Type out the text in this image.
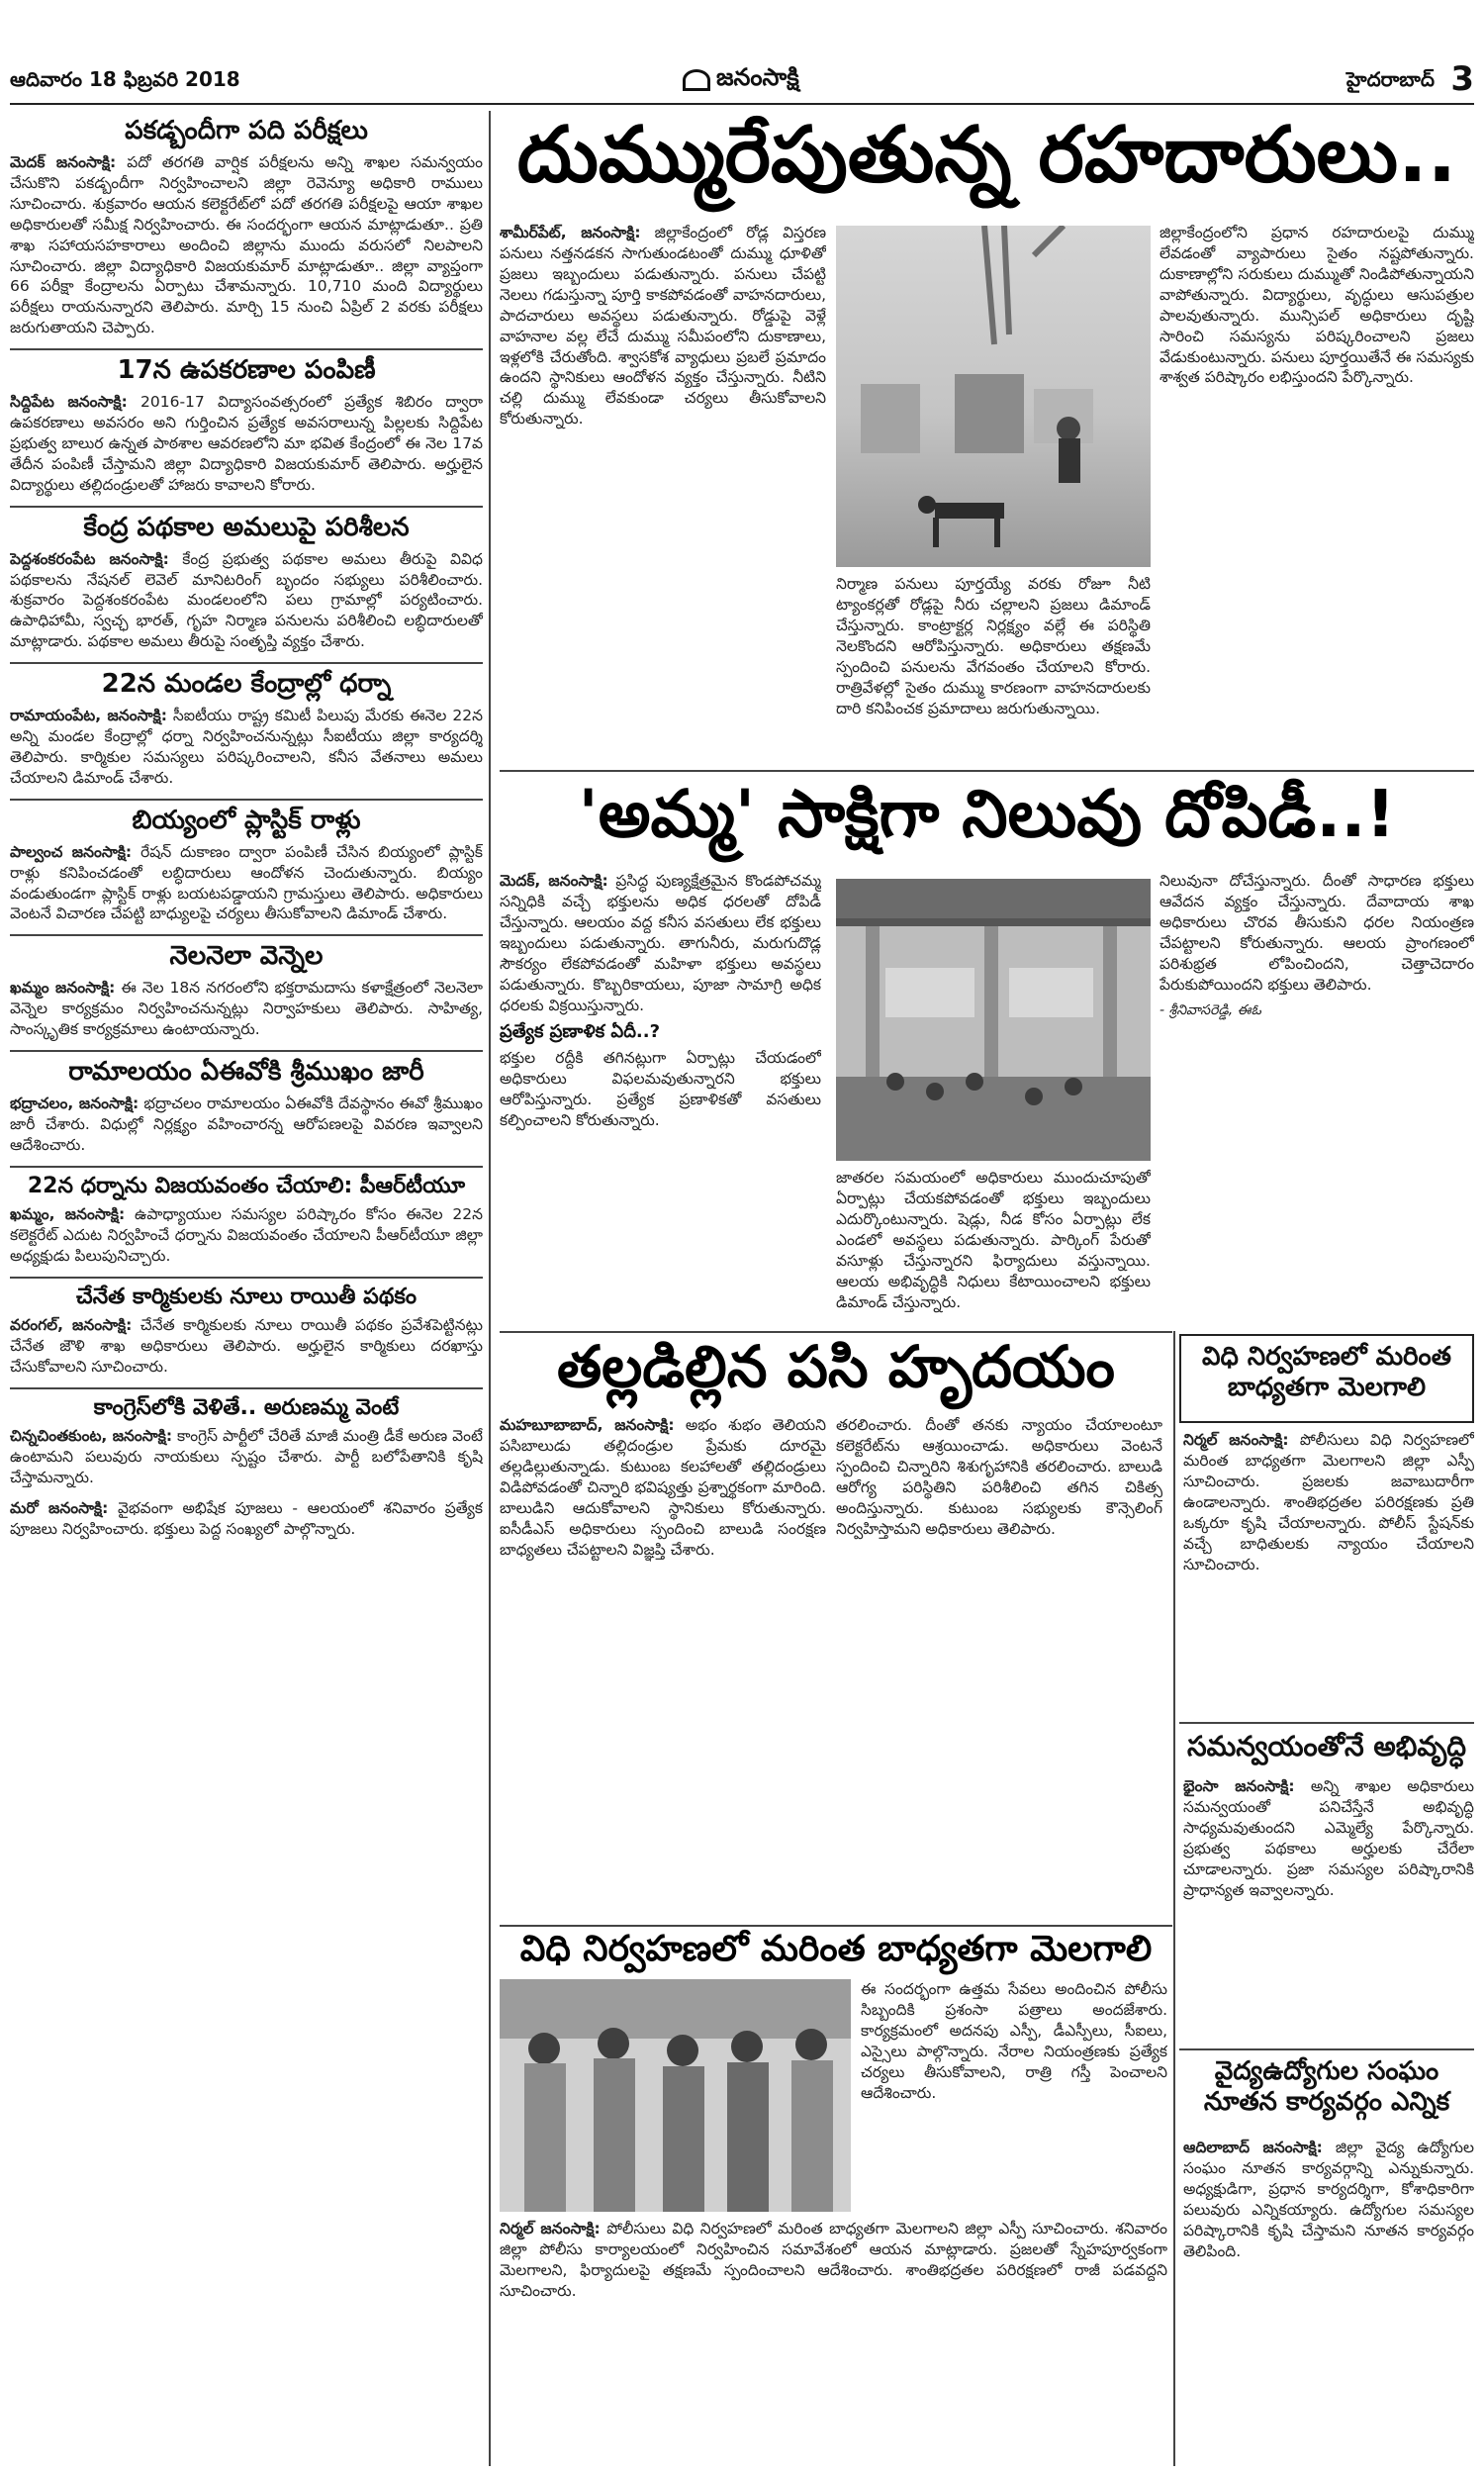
ఆదివారం 18 ఫిబ్రవరి 2018	జనంసాక్షి	హైదరాబాద్ 3
పకడ్బందీగా పది పరీక్షలు

మెదక్‌ జనంసాక్షి: పదో తరగతి వార్షిక పరీక్షలను అన్ని శాఖల సమన్వయం చేసుకొని పకడ్బందీగా నిర్వహించాలని జిల్లా రెవెన్యూ అధికారి రాములు సూచించారు. శుక్రవారం ఆయన కలెక్టరేట్‌లో పదో తరగతి పరీక్షలపై ఆయా శాఖల అధికారులతో సమీక్ష నిర్వహించారు. ఈ సందర్భంగా ఆయన మాట్లాడుతూ.. ప్రతి శాఖ సహాయసహకారాలు అందించి జిల్లాను ముందు వరుసలో నిలపాలని సూచించారు. జిల్లా విద్యాధికారి విజయకుమార్‌ మాట్లాడుతూ.. జిల్లా వ్యాప్తంగా 66 పరీక్షా కేంద్రాలను ఏర్పాటు చేశామన్నారు. 10,710 మంది విద్యార్థులు పరీక్షలు రాయనున్నారని తెలిపారు. మార్చి 15 నుంచి ఏప్రిల్‌ 2 వరకు పరీక్షలు జరుగుతాయని చెప్పారు.

17న ఉపకరణాల పంపిణీ

సిద్దిపేట జనంసాక్షి: 2016-17 విద్యాసంవత్సరంలో ప్రత్యేక శిబిరం ద్వారా ఉపకరణాలు అవసరం అని గుర్తించిన ప్రత్యేక అవసరాలున్న పిల్లలకు సిద్దిపేట ప్రభుత్వ బాలుర ఉన్నత పాఠశాల ఆవరణలోని మా భవిత కేంద్రంలో ఈ నెల 17వ తేదీన పంపిణీ చేస్తామని జిల్లా విద్యాధికారి విజయకుమార్‌ తెలిపారు. అర్హులైన విద్యార్థులు తల్లిదండ్రులతో హాజరు కావాలని కోరారు.

కేంద్ర పథకాల అమలుపై పరిశీలన

పెద్దశంకరంపేట జనంసాక్షి: కేంద్ర ప్రభుత్వ పథకాల అమలు తీరుపై వివిధ పథకాలను నేషనల్‌ లెవెల్‌ మానిటరింగ్‌ బృందం సభ్యులు పరిశీలించారు. శుక్రవారం పెద్దశంకరంపేట మండలంలోని పలు గ్రామాల్లో పర్యటించారు. ఉపాధిహామీ, స్వచ్ఛ భారత్‌, గృహ నిర్మాణ పనులను పరిశీలించి లబ్ధిదారులతో మాట్లాడారు. పథకాల అమలు తీరుపై సంతృప్తి వ్యక్తం చేశారు.

22న మండల కేంద్రాల్లో ధర్నా

రామాయంపేట, జనంసాక్షి: సీఐటీయు రాష్ట్ర కమిటీ పిలుపు మేరకు ఈనెల 22న అన్ని మండల కేంద్రాల్లో ధర్నా నిర్వహించనున్నట్లు సీఐటీయు జిల్లా కార్యదర్శి తెలిపారు. కార్మికుల సమస్యలు పరిష్కరించాలని, కనీస వేతనాలు అమలు చేయాలని డిమాండ్‌ చేశారు.

బియ్యంలో ప్లాస్టిక్‌ రాళ్లు

పాల్వంచ జనంసాక్షి: రేషన్‌ దుకాణం ద్వారా పంపిణీ చేసిన బియ్యంలో ప్లాస్టిక్‌ రాళ్లు కనిపించడంతో లబ్ధిదారులు ఆందోళన చెందుతున్నారు. బియ్యం వండుతుండగా ప్లాస్టిక్‌ రాళ్లు బయటపడ్డాయని గ్రామస్తులు తెలిపారు. అధికారులు వెంటనే విచారణ చేపట్టి బాధ్యులపై చర్యలు తీసుకోవాలని డిమాండ్‌ చేశారు.

నెలనెలా వెన్నెల

ఖమ్మం జనంసాక్షి: ఈ నెల 18న నగరంలోని భక్తరామదాసు కళాక్షేత్రంలో నెలనెలా వెన్నెల కార్యక్రమం నిర్వహించనున్నట్లు నిర్వాహకులు తెలిపారు. సాహిత్య, సాంస్కృతిక కార్యక్రమాలు ఉంటాయన్నారు.

రామాలయం ఏఈవోకి శ్రీముఖం జారీ

భద్రాచలం, జనంసాక్షి: భద్రాచలం రామాలయం ఏఈవోకి దేవస్థానం ఈవో శ్రీముఖం జారీ చేశారు. విధుల్లో నిర్లక్ష్యం వహించారన్న ఆరోపణలపై వివరణ ఇవ్వాలని ఆదేశించారు.

22న ధర్నాను విజయవంతం చేయాలి: పీఆర్‌టీయూ

ఖమ్మం, జనంసాక్షి: ఉపాధ్యాయుల సమస్యల పరిష్కారం కోసం ఈనెల 22న కలెక్టరేట్‌ ఎదుట నిర్వహించే ధర్నాను విజయవంతం చేయాలని పీఆర్‌టీయూ జిల్లా అధ్యక్షుడు పిలుపునిచ్చారు.

చేనేత కార్మికులకు నూలు రాయితీ పథకం

వరంగల్‌, జనంసాక్షి: చేనేత కార్మికులకు నూలు రాయితీ పథకం ప్రవేశపెట్టినట్లు చేనేత జౌళి శాఖ అధికారులు తెలిపారు. అర్హులైన కార్మికులు దరఖాస్తు చేసుకోవాలని సూచించారు.

కాంగ్రెస్‌లోకి వెళితే.. అరుణమ్మ వెంటే

చిన్నచింతకుంట, జనంసాక్షి: కాంగ్రెస్‌ పార్టీలో చేరితే మాజీ మంత్రి డీకే అరుణ వెంటే ఉంటామని పలువురు నాయకులు స్పష్టం చేశారు. పార్టీ బలోపేతానికి కృషి చేస్తామన్నారు.

మరో జనంసాక్షి: వైభవంగా అభిషేక పూజలు - ఆలయంలో శనివారం ప్రత్యేక పూజలు నిర్వహించారు. భక్తులు పెద్ద సంఖ్యలో పాల్గొన్నారు.

దుమ్మురేపుతున్న రహదారులు..

శామీర్‌పేట్‌, జనంసాక్షి: జిల్లాకేంద్రంలో రోడ్ల విస్తరణ పనులు నత్తనడకన సాగుతుండటంతో దుమ్ము ధూళితో ప్రజలు ఇబ్బందులు పడుతున్నారు. పనులు చేపట్టి నెలలు గడుస్తున్నా పూర్తి కాకపోవడంతో వాహనదారులు, పాదచారులు అవస్థలు పడుతున్నారు. రోడ్డుపై వెళ్లే వాహనాల వల్ల లేచే దుమ్ము సమీపంలోని దుకాణాలు, ఇళ్లలోకి చేరుతోంది. శ్వాసకోశ వ్యాధులు ప్రబలే ప్రమాదం ఉందని స్థానికులు ఆందోళన వ్యక్తం చేస్తున్నారు. నీటిని చల్లి దుమ్ము లేవకుండా చర్యలు తీసుకోవాలని కోరుతున్నారు.

నిర్మాణ పనులు పూర్తయ్యే వరకు రోజూ నీటి ట్యాంకర్లతో రోడ్లపై నీరు చల్లాలని ప్రజలు డిమాండ్‌ చేస్తున్నారు. కాంట్రాక్టర్ల నిర్లక్ష్యం వల్లే ఈ పరిస్థితి నెలకొందని ఆరోపిస్తున్నారు. అధికారులు తక్షణమే స్పందించి పనులను వేగవంతం చేయాలని కోరారు. రాత్రివేళల్లో సైతం దుమ్ము కారణంగా వాహనదారులకు దారి కనిపించక ప్రమాదాలు జరుగుతున్నాయి.

జిల్లాకేంద్రంలోని ప్రధాన రహదారులపై దుమ్ము లేవడంతో వ్యాపారులు సైతం నష్టపోతున్నారు. దుకాణాల్లోని సరుకులు దుమ్ముతో నిండిపోతున్నాయని వాపోతున్నారు. విద్యార్థులు, వృద్ధులు ఆసుపత్రుల పాలవుతున్నారు. మున్సిపల్‌ అధికారులు దృష్టి సారించి సమస్యను పరిష్కరించాలని ప్రజలు వేడుకుంటున్నారు. పనులు పూర్తయితేనే ఈ సమస్యకు శాశ్వత పరిష్కారం లభిస్తుందని పేర్కొన్నారు.

'అమ్మ' సాక్షిగా నిలువు దోపిడీ..!

మెదక్‌, జనంసాక్షి: ప్రసిద్ధ పుణ్యక్షేత్రమైన కొండపోచమ్మ సన్నిధికి వచ్చే భక్తులను అధిక ధరలతో దోపిడీ చేస్తున్నారు. ఆలయం వద్ద కనీస వసతులు లేక భక్తులు ఇబ్బందులు పడుతున్నారు. తాగునీరు, మరుగుదొడ్ల సౌకర్యం లేకపోవడంతో మహిళా భక్తులు అవస్థలు పడుతున్నారు. కొబ్బరికాయలు, పూజా సామాగ్రి అధిక ధరలకు విక్రయిస్తున్నారు.

ప్రత్యేక ప్రణాళిక ఏదీ..?

భక్తుల రద్దీకి తగినట్లుగా ఏర్పాట్లు చేయడంలో అధికారులు విఫలమవుతున్నారని భక్తులు ఆరోపిస్తున్నారు. ప్రత్యేక ప్రణాళికతో వసతులు కల్పించాలని కోరుతున్నారు.

జాతరల సమయంలో అధికారులు ముందుచూపుతో ఏర్పాట్లు చేయకపోవడంతో భక్తులు ఇబ్బందులు ఎదుర్కొంటున్నారు. షెడ్లు, నీడ కోసం ఏర్పాట్లు లేక ఎండలో అవస్థలు పడుతున్నారు. పార్కింగ్‌ పేరుతో వసూళ్లు చేస్తున్నారని ఫిర్యాదులు వస్తున్నాయి. ఆలయ అభివృద్ధికి నిధులు కేటాయించాలని భక్తులు డిమాండ్‌ చేస్తున్నారు.

నిలువునా దోచేస్తున్నారు. దీంతో సాధారణ భక్తులు ఆవేదన వ్యక్తం చేస్తున్నారు. దేవాదాయ శాఖ అధికారులు చొరవ తీసుకుని ధరల నియంత్రణ చేపట్టాలని కోరుతున్నారు. ఆలయ ప్రాంగణంలో పరిశుభ్రత లోపించిందని, చెత్తాచెదారం పేరుకుపోయిందని భక్తులు తెలిపారు.

- శ్రీనివాసరెడ్డి, ఈఓ

తల్లడిల్లిన పసి హృదయం

మహబూబాబాద్‌, జనంసాక్షి: అభం శుభం తెలియని పసిబాలుడు తల్లిదండ్రుల ప్రేమకు దూరమై తల్లడిల్లుతున్నాడు. కుటుంబ కలహాలతో తల్లిదండ్రులు విడిపోవడంతో చిన్నారి భవిష్యత్తు ప్రశ్నార్థకంగా మారింది. బాలుడిని ఆదుకోవాలని స్థానికులు కోరుతున్నారు. ఐసీడీఎస్‌ అధికారులు స్పందించి బాలుడి సంరక్షణ బాధ్యతలు చేపట్టాలని విజ్ఞప్తి చేశారు.

తరలించారు. దీంతో తనకు న్యాయం చేయాలంటూ కలెక్టరేట్‌ను ఆశ్రయించాడు. అధికారులు వెంటనే స్పందించి చిన్నారిని శిశుగృహానికి తరలించారు. బాలుడి ఆరోగ్య పరిస్థితిని పరిశీలించి తగిన చికిత్స అందిస్తున్నారు. కుటుంబ సభ్యులకు కౌన్సెలింగ్‌ నిర్వహిస్తామని అధికారులు తెలిపారు.

విధి నిర్వహణలో మరింత బాధ్యతగా మెలగాలి

ఈ సందర్భంగా ఉత్తమ సేవలు అందించిన పోలీసు సిబ్బందికి ప్రశంసా పత్రాలు అందజేశారు. కార్యక్రమంలో అదనపు ఎస్పీ, డీఎస్పీలు, సీఐలు, ఎస్సైలు పాల్గొన్నారు. నేరాల నియంత్రణకు ప్రత్యేక చర్యలు తీసుకోవాలని, రాత్రి గస్తీ పెంచాలని ఆదేశించారు.

నిర్మల్‌ జనంసాక్షి: పోలీసులు విధి నిర్వహణలో మరింత బాధ్యతగా మెలగాలని జిల్లా ఎస్పీ సూచించారు. శనివారం జిల్లా పోలీసు కార్యాలయంలో నిర్వహించిన సమావేశంలో ఆయన మాట్లాడారు. ప్రజలతో స్నేహపూర్వకంగా మెలగాలని, ఫిర్యాదులపై తక్షణమే స్పందించాలని ఆదేశించారు. శాంతిభద్రతల పరిరక్షణలో రాజీ పడవద్దని సూచించారు.

విధి నిర్వహణలో మరింత బాధ్యతగా మెలగాలి

నిర్మల్‌ జనంసాక్షి: పోలీసులు విధి నిర్వహణలో మరింత బాధ్యతగా మెలగాలని జిల్లా ఎస్పీ సూచించారు. ప్రజలకు జవాబుదారీగా ఉండాలన్నారు. శాంతిభద్రతల పరిరక్షణకు ప్రతి ఒక్కరూ కృషి చేయాలన్నారు. పోలీస్‌ స్టేషన్‌కు వచ్చే బాధితులకు న్యాయం చేయాలని సూచించారు.

సమన్వయంతోనే అభివృద్ధి

భైంసా జనంసాక్షి: అన్ని శాఖల అధికారులు సమన్వయంతో పనిచేస్తేనే అభివృద్ధి సాధ్యమవుతుందని ఎమ్మెల్యే పేర్కొన్నారు. ప్రభుత్వ పథకాలు అర్హులకు చేరేలా చూడాలన్నారు. ప్రజా సమస్యల పరిష్కారానికి ప్రాధాన్యత ఇవ్వాలన్నారు.

వైద్యఉద్యోగుల సంఘం నూతన కార్యవర్గం ఎన్నిక

ఆదిలాబాద్‌ జనంసాక్షి: జిల్లా వైద్య ఉద్యోగుల సంఘం నూతన కార్యవర్గాన్ని ఎన్నుకున్నారు. అధ్యక్షుడిగా, ప్రధాన కార్యదర్శిగా, కోశాధికారిగా పలువురు ఎన్నికయ్యారు. ఉద్యోగుల సమస్యల పరిష్కారానికి కృషి చేస్తామని నూతన కార్యవర్గం తెలిపింది.
